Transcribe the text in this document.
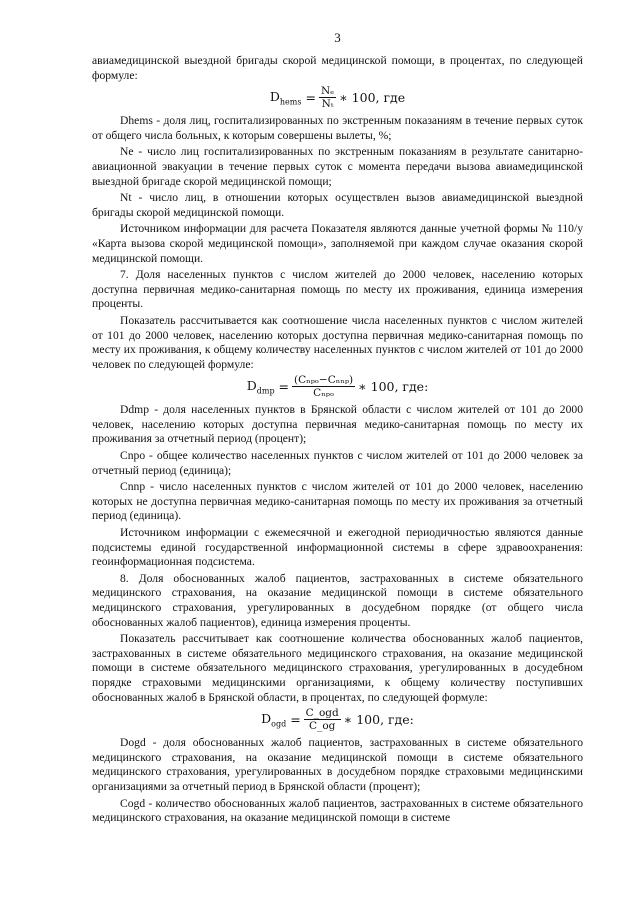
3

авиамедицинской выездной бригады скорой медицинской помощи, в процентах, по следующей формуле:

$D_{hems} = \frac{\text{Nₑ}}{\text{Nₜ}}$ ∗ 100, где

Dhems - доля лиц, госпитализированных по экстренным показаниям в течение первых суток от общего числа больных, к которым совершены вылеты, %;

Ne - число лиц госпитализированных по экстренным показаниям в результате санитарно-авиационной эвакуации в течение первых суток с момента передачи вызова авиамедицинской выездной бригаде скорой медицинской помощи;

Nt - число лиц, в отношении которых осуществлен вызов авиамедицинской выездной бригады скорой медицинской помощи.

Источником информации для расчета Показателя являются данные учетной формы № 110/у «Карта вызова скорой медицинской помощи», заполняемой при каждом случае оказания скорой медицинской помощи.

7. Доля населенных пунктов с числом жителей до 2000 человек, населению которых доступна первичная медико-санитарная помощь по месту их проживания, единица измерения проценты.

Показатель рассчитывается как соотношение числа населенных пунктов с числом жителей от 101 до 2000 человек, населению которых доступна первичная медико-санитарная помощь по месту их проживания, к общему количеству населенных пунктов с числом жителей от 101 до 2000 человек по следующей формуле:

$D_{dmp} = \frac{\text{(Cₙₚₒ−Cₙₙₚ)}}{\text{Cₙₚₒ}}$ ∗ 100, где:

Ddmp - доля населенных пунктов в Брянской области с числом жителей от 101 до 2000 человек, населению которых доступна первичная медико-санитарная помощь по месту их проживания за отчетный период (процент);

Cnpo - общее количество населенных пунктов с числом жителей от 101 до 2000 человек за отчетный период (единица);

Cnnp - число населенных пунктов с числом жителей от 101 до 2000 человек, населению которых не доступна первичная медико-санитарная помощь по месту их проживания за отчетный период (единица).

Источником информации с ежемесячной и ежегодной периодичностью являются данные подсистемы единой государственной информационной системы в сфере здравоохранения: геоинформационная подсистема.

8. Доля обоснованных жалоб пациентов, застрахованных в системе обязательного медицинского страхования, на оказание медицинской помощи в системе обязательного медицинского страхования, урегулированных в досудебном порядке (от общего числа обоснованных жалоб пациентов), единица измерения проценты.

Показатель рассчитывает как соотношение количества обоснованных жалоб пациентов, застрахованных в системе обязательного медицинского страхования, на оказание медицинской помощи в системе обязательного медицинского страхования, урегулированных в досудебном порядке страховыми медицинскими организациями, к общему количеству поступивших обоснованных жалоб в Брянской области, в процентах, по следующей формуле:

$D_{ogd} = \frac{\text{C\_ogd}}{C\_og}$ ∗ 100, где:

Dogd - доля обоснованных жалоб пациентов, застрахованных в системе обязательного медицинского страхования, на оказание медицинской помощи в системе обязательного медицинского страхования, урегулированных в досудебном порядке страховыми медицинскими организациями за отчетный период в Брянской области (процент);

Cogd - количество обоснованных жалоб пациентов, застрахованных в системе обязательного медицинского страхования, на оказание медицинской помощи в системе
